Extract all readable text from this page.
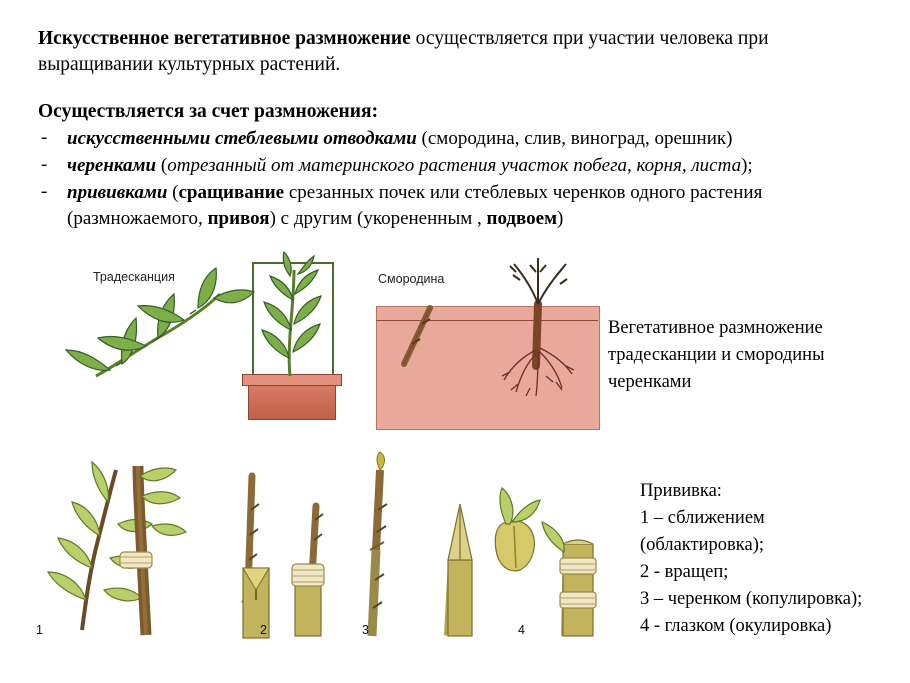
Искусственное вегетативное размножение осуществляется при участии человека при выращивании культурных растений.

Осуществляется за счет размножения:

- искусственными стеблевыми отводками (смородина, слив, виноград, орешник)
- черенками (отрезанный от материнского растения участок побега, корня, листа);
- прививками (сращивание срезанных почек или стеблевых черенков одного растения (размножаемого, привоя) с другим (укорененным , подвоем)
Традесканция	Смородина
Вегетативное размножение
традесканции и смородины
черенками
1	2	3	4
Прививка:
1 – сближением
(облактировка);
2 - вращеп;
3 – черенком (копулировка);
4 - глазком (окулировка)
